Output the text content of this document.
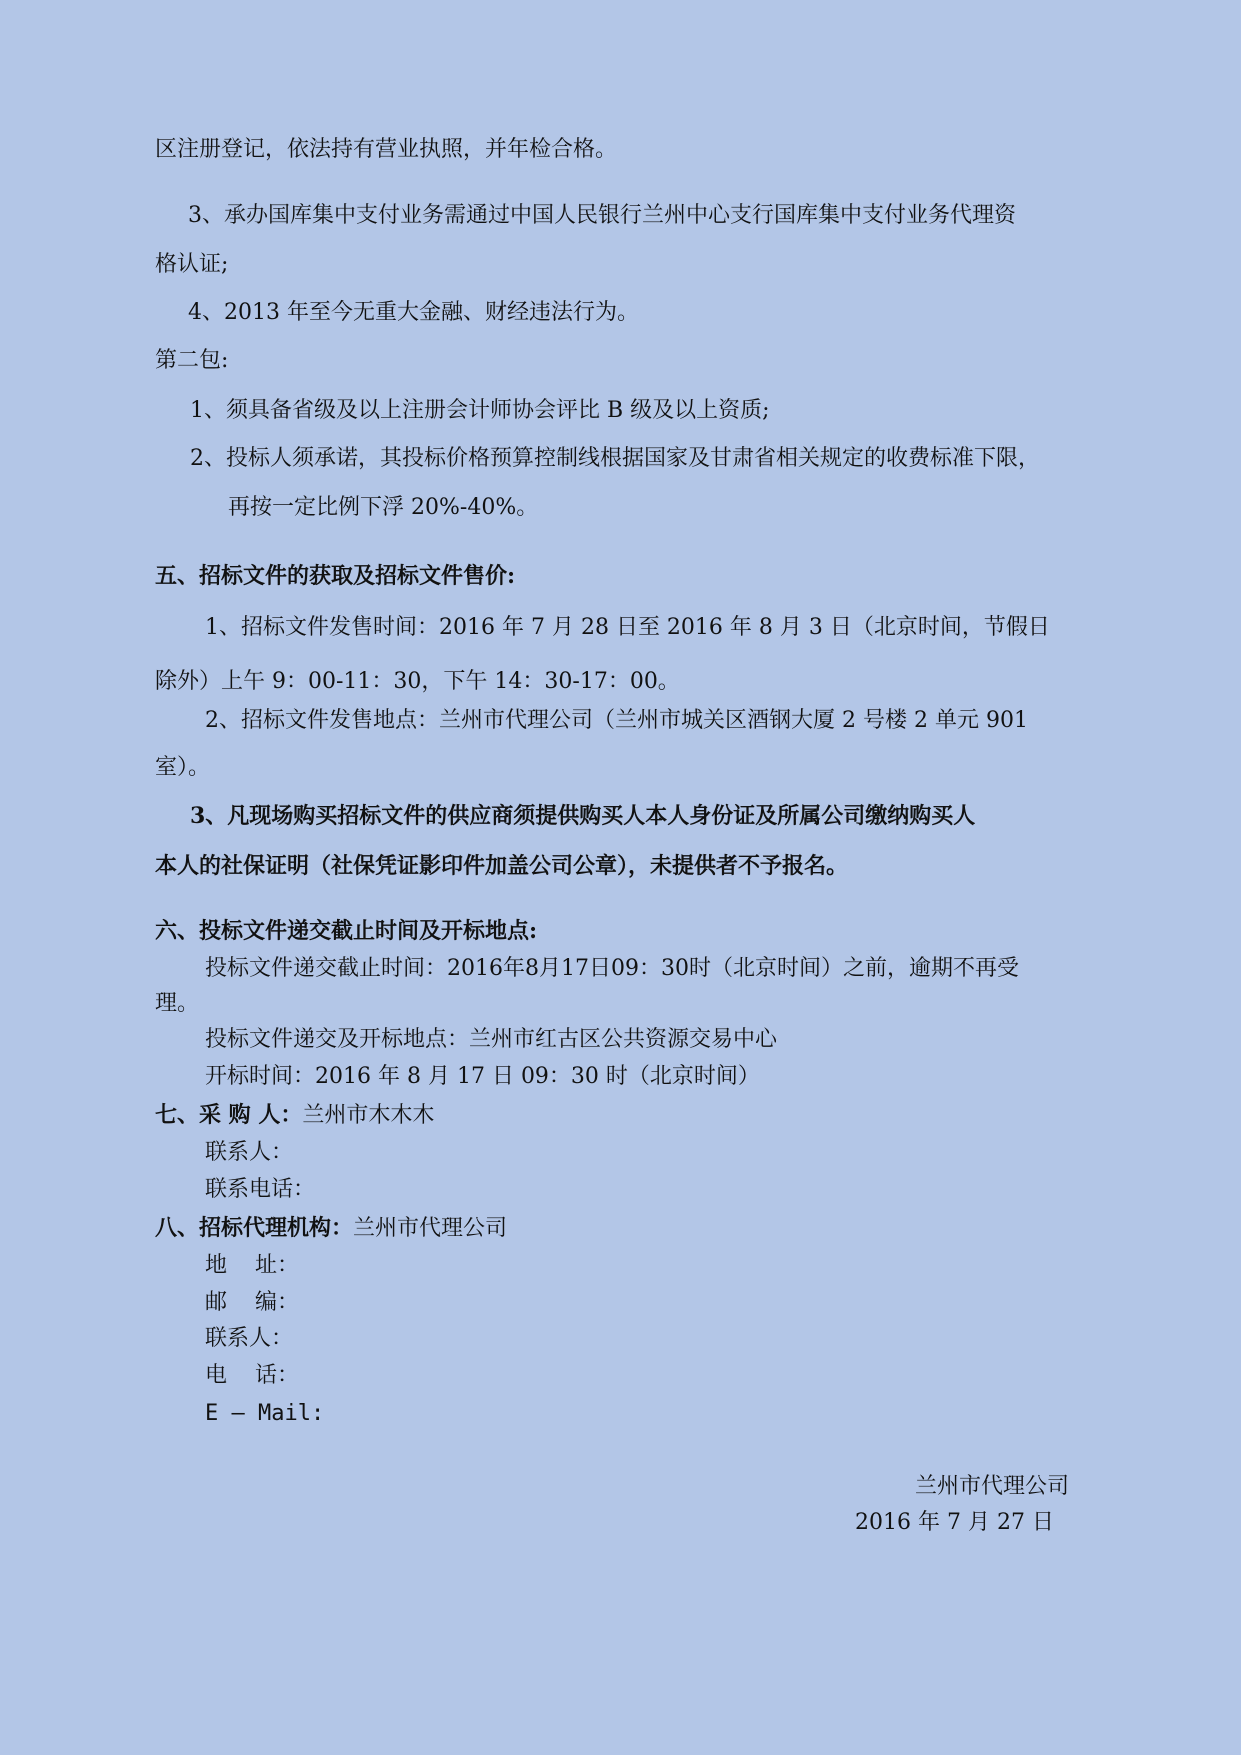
区注册登记，依法持有营业执照，并年检合格。
3、承办国库集中支付业务需通过中国人民银行兰州中心支行国库集中支付业务代理资
格认证;
4、2013 年至今无重大金融、财经违法行为。
第二包:
1、须具备省级及以上注册会计师协会评比 B 级及以上资质;
2、投标人须承诺，其投标价格预算控制线根据国家及甘肃省相关规定的收费标准下限，
再按一定比例下浮 20%-40%。
五、招标文件的获取及招标文件售价:
1、招标文件发售时间：2016 年 7 月 28 日至 2016 年 8 月 3 日（北京时间，节假日
除外）上午 9：00-11：30，下午 14：30-17：00。
2、招标文件发售地点：兰州市代理公司（兰州市城关区酒钢大厦 2 号楼 2 单元 901
室）。
3、凡现场购买招标文件的供应商须提供购买人本人身份证及所属公司缴纳购买人
本人的社保证明（社保凭证影印件加盖公司公章），未提供者不予报名。
六、投标文件递交截止时间及开标地点:
投标文件递交截止时间：2016年8月17日09：30时（北京时间）之前，逾期不再受
理。
投标文件递交及开标地点：兰州市红古区公共资源交易中心
开标时间：2016 年 8 月 17 日 09：30 时（北京时间）
七、采 购 人：兰州市木木木
联系人：
联系电话：
八、招标代理机构：兰州市代理公司
地    址：
邮    编：
联系人：
电    话：
E – Mail:
兰州市代理公司
2016 年 7 月 27 日
